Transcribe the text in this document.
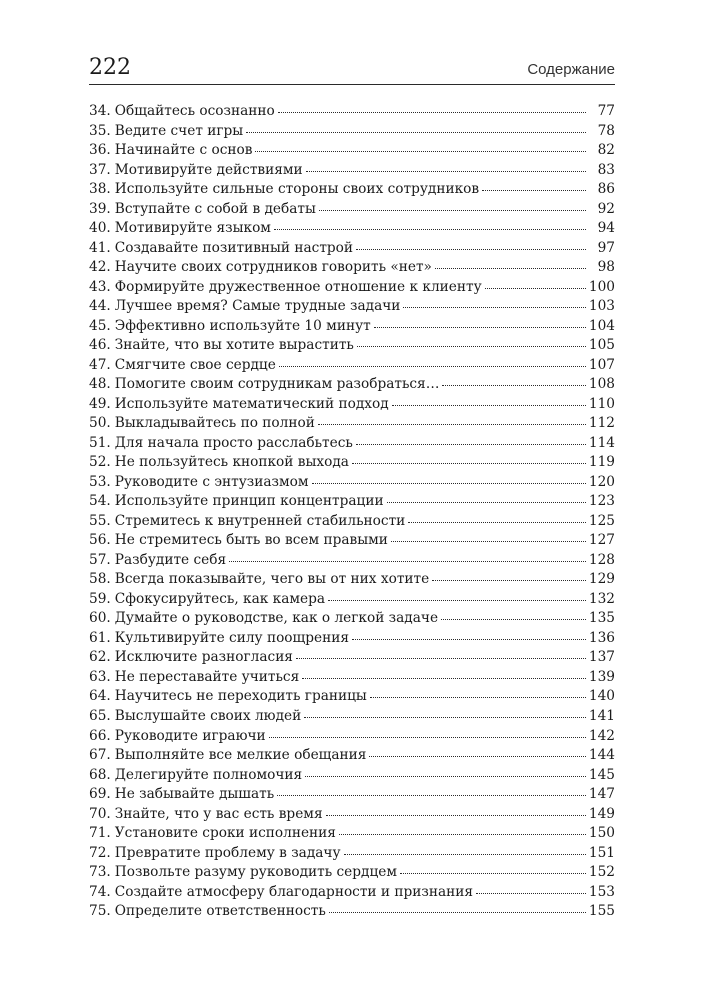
222	Содержание
34. Общайтесь осознанно	77
35. Ведите счет игры	78
36. Начинайте с основ	82
37. Мотивируйте действиями	83
38. Используйте сильные стороны своих сотрудников	86
39. Вступайте с собой в дебаты	92
40. Мотивируйте языком	94
41. Создавайте позитивный настрой	97
42. Научите своих сотрудников говорить «нет»	98
43. Формируйте дружественное отношение к клиенту	100
44. Лучшее время? Самые трудные задачи	103
45. Эффективно используйте 10 минут	104
46. Знайте, что вы хотите вырастить	105
47. Смягчите свое сердце	107
48. Помогите своим сотрудникам разобраться…	108
49. Используйте математический подход	110
50. Выкладывайтесь по полной	112
51. Для начала просто расслабьтесь	114
52. Не пользуйтесь кнопкой выхода	119
53. Руководите с энтузиазмом	120
54. Используйте принцип концентрации	123
55. Стремитесь к внутренней стабильности	125
56. Не стремитесь быть во всем правыми	127
57. Разбудите себя	128
58. Всегда показывайте, чего вы от них хотите	129
59. Сфокусируйтесь, как камера	132
60. Думайте о руководстве, как о легкой задаче	135
61. Культивируйте силу поощрения	136
62. Исключите разногласия	137
63. Не переставайте учиться	139
64. Научитесь не переходить границы	140
65. Выслушайте своих людей	141
66. Руководите играючи	142
67. Выполняйте все мелкие обещания	144
68. Делегируйте полномочия	145
69. Не забывайте дышать	147
70. Знайте, что у вас есть время	149
71. Установите сроки исполнения	150
72. Превратите проблему в задачу	151
73. Позвольте разуму руководить сердцем	152
74. Создайте атмосферу благодарности и признания	153
75. Определите ответственность	155
